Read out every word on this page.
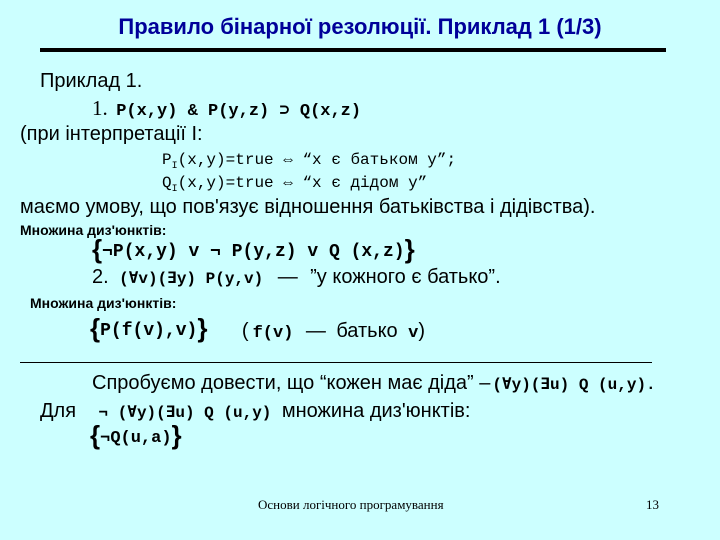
Правило бінарної резолюції. Приклад 1 (1/3)
Приклад 1.
1. P(x,y) & P(y,z) ⊃ Q(x,z)
(при інтерпретації I:
$P_I(x,y)=true$ ⇔ “x є батьком y”;
$Q_I(x,y)=true$ ⇔ “x є дідом y”
маємо умову, що пов'язує відношення батьківства і дідівства).
Множина диз'юнктів:
{¬P(x,y) v ¬ P(y,z) v Q (x,z)}
2. (∀v)(∃y) P(y,v) — ”у кожного є батько”.
Множина диз'юнктів:
{P(f(v),v)} ( f(v) — батько v)
Спробуємо довести, що “кожен має діда” – (∀y)(∃u) Q (u,y).
Для ¬ (∀y)(∃u) Q (u,y) множина диз'юнктів:
{¬Q(u,a)}
Основи логічного програмування	13
